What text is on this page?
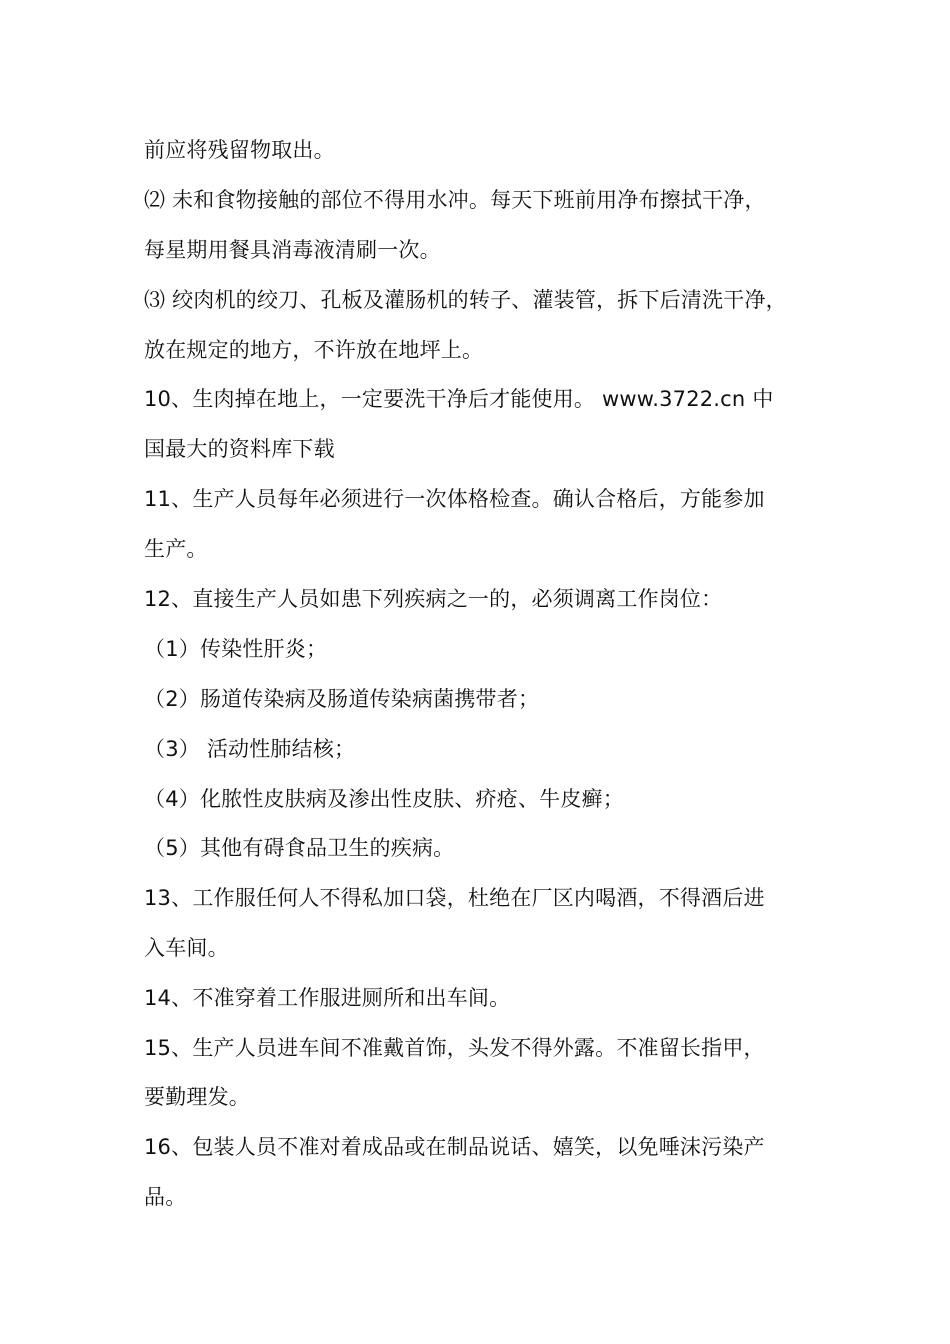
前应将残留物取出。
⑵ 未和食物接触的部位不得用水冲。每天下班前用净布擦拭干净，
每星期用餐具消毒液清刷一次。
⑶ 绞肉机的绞刀、孔板及灌肠机的转子、灌装管，拆下后清洗干净，
放在规定的地方，不许放在地坪上。
10、生肉掉在地上，一定要洗干净后才能使用。 www.3722.cn 中
国最大的资料库下载
11、生产人员每年必须进行一次体格检查。确认合格后，方能参加
生产。
12、直接生产人员如患下列疾病之一的，必须调离工作岗位：
（1）传染性肝炎；
（2）肠道传染病及肠道传染病菌携带者；
（3） 活动性肺结核；
（4）化脓性皮肤病及渗出性皮肤、疥疮、牛皮癣；
（5）其他有碍食品卫生的疾病。
13、工作服任何人不得私加口袋，杜绝在厂区内喝酒，不得酒后进
入车间。
14、不准穿着工作服进厕所和出车间。
15、生产人员进车间不准戴首饰，头发不得外露。不准留长指甲，
要勤理发。
16、包装人员不准对着成品或在制品说话、嬉笑，以免唾沫污染产
品。
